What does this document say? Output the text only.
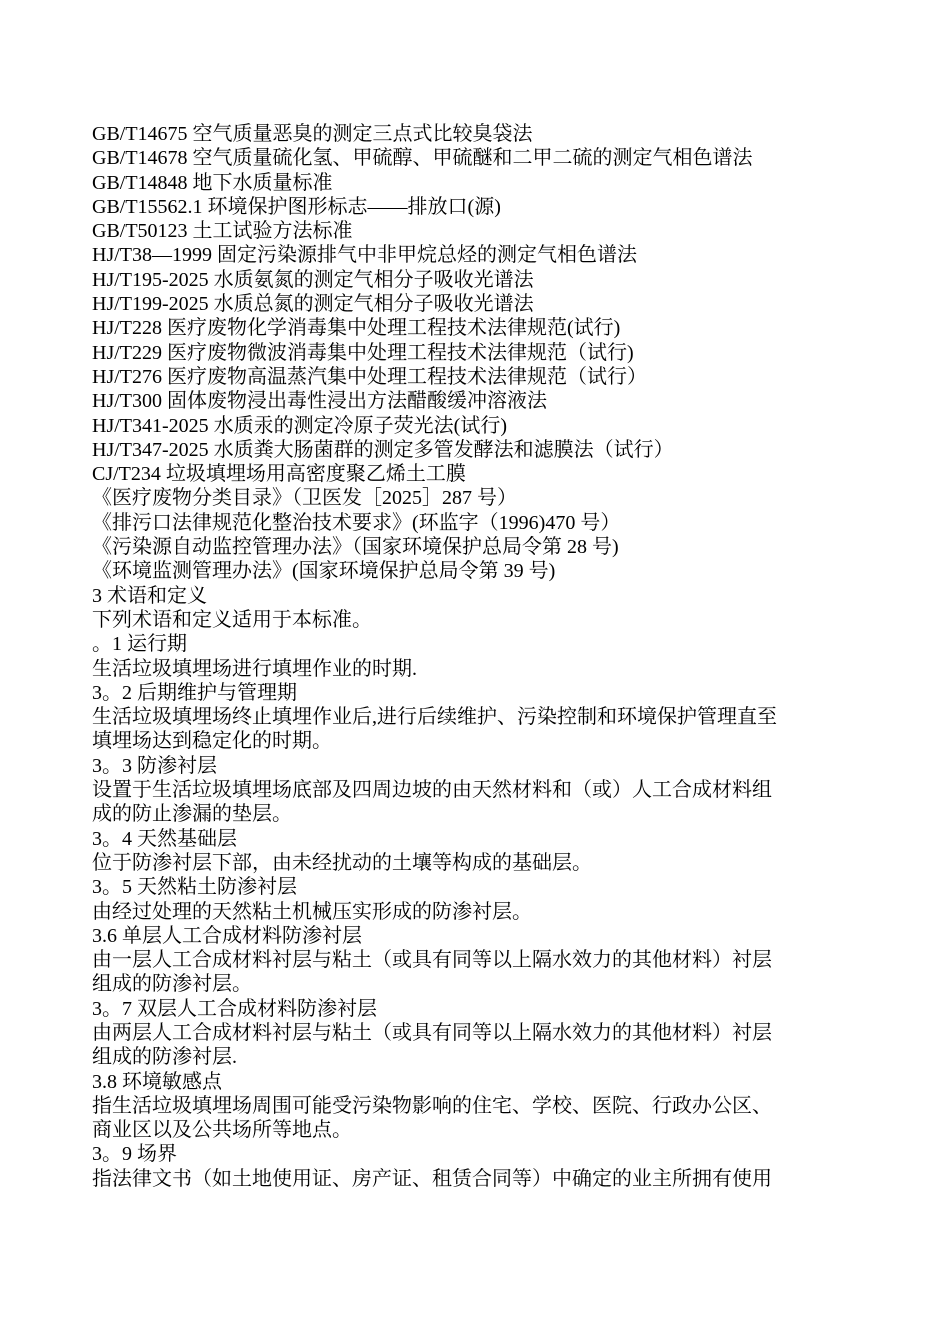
GB/T14675 空气质量恶臭的测定三点式比较臭袋法

GB/T14678 空气质量硫化氢、甲硫醇、甲硫醚和二甲二硫的测定气相色谱法

GB/T14848 地下水质量标准

GB/T15562.1 环境保护图形标志——排放口(源)

GB/T50123 土工试验方法标准

HJ/T38—1999 固定污染源排气中非甲烷总烃的测定气相色谱法

HJ/T195-2025 水质氨氮的测定气相分子吸收光谱法

HJ/T199-2025 水质总氮的测定气相分子吸收光谱法

HJ/T228 医疗废物化学消毒集中处理工程技术法律规范(试行)

HJ/T229 医疗废物微波消毒集中处理工程技术法律规范（试行)

HJ/T276 医疗废物高温蒸汽集中处理工程技术法律规范（试行）

HJ/T300 固体废物浸出毒性浸出方法醋酸缓冲溶液法

HJ/T341-2025 水质汞的测定冷原子荧光法(试行)

HJ/T347-2025 水质粪大肠菌群的测定多管发酵法和滤膜法（试行）

CJ/T234 垃圾填埋场用高密度聚乙烯土工膜

《医疗废物分类目录》（卫医发［2025］287 号）

《排污口法律规范化整治技术要求》(环监字（1996)470 号）

《污染源自动监控管理办法》（国家环境保护总局令第 28 号)

《环境监测管理办法》(国家环境保护总局令第 39 号)

3 术语和定义

下列术语和定义适用于本标准。

。1 运行期

生活垃圾填埋场进行填埋作业的时期.

3。2 后期维护与管理期

生活垃圾填埋场终止填埋作业后,进行后续维护、污染控制和环境保护管理直至

填埋场达到稳定化的时期。

3。3 防渗衬层

设置于生活垃圾填埋场底部及四周边坡的由天然材料和（或）人工合成材料组

成的防止渗漏的垫层。

3。4 天然基础层

位于防渗衬层下部，由未经扰动的土壤等构成的基础层。

3。5 天然粘土防渗衬层

由经过处理的天然粘土机械压实形成的防渗衬层。

3.6 单层人工合成材料防渗衬层

由一层人工合成材料衬层与粘土（或具有同等以上隔水效力的其他材料）衬层

组成的防渗衬层。

3。7 双层人工合成材料防渗衬层

由两层人工合成材料衬层与粘土（或具有同等以上隔水效力的其他材料）衬层

组成的防渗衬层.

3.8 环境敏感点

指生活垃圾填埋场周围可能受污染物影响的住宅、学校、医院、行政办公区、

商业区以及公共场所等地点。

3。9 场界

指法律文书（如土地使用证、房产证、租赁合同等）中确定的业主所拥有使用
